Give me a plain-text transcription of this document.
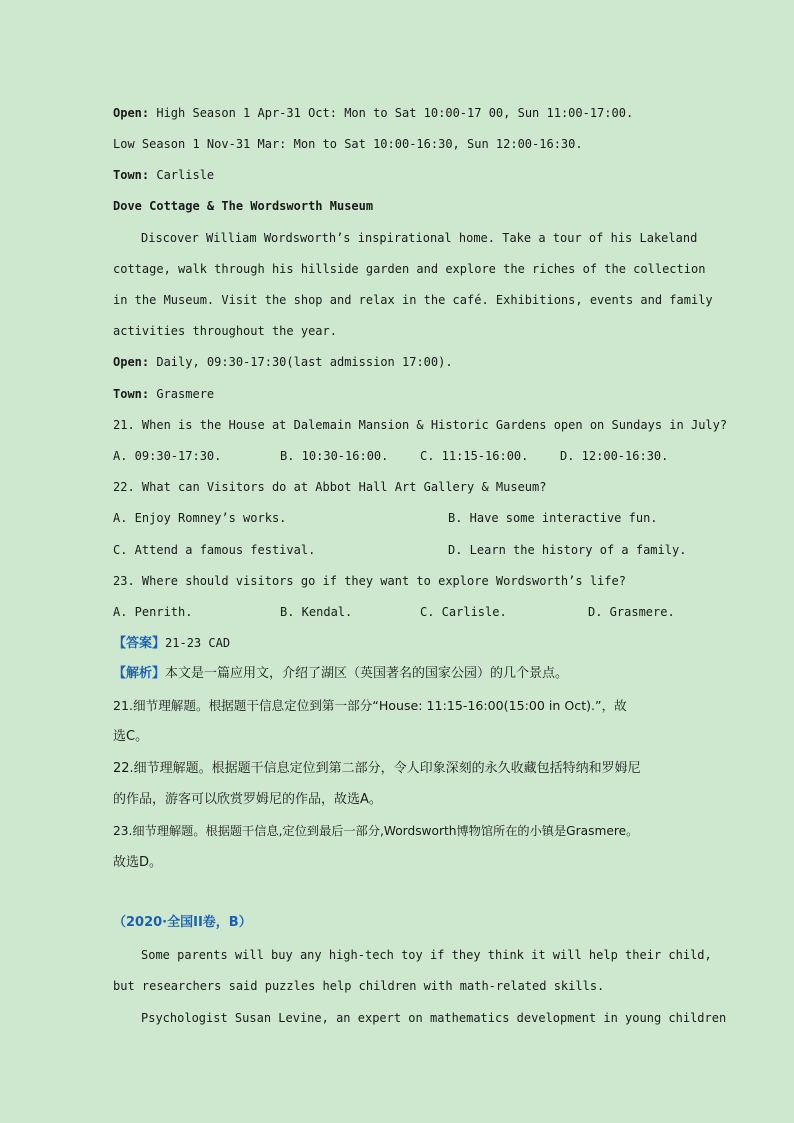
Open: High Season 1 Apr-31 Oct: Mon to Sat 10:00-17 00, Sun 11:00-17:00.
Low Season 1 Nov-31 Mar: Mon to Sat 10:00-16:30, Sun 12:00-16:30.
Town: Carlisle
Dove Cottage & The Wordsworth Museum
Discover William Wordsworth’s inspirational home. Take a tour of his Lakeland
cottage, walk through his hillside garden and explore the riches of the collection
in the Museum. Visit the shop and relax in the café. Exhibitions, events and family
activities throughout the year.
Open: Daily, 09:30-17:30(last admission 17:00).
Town: Grasmere
21. When is the House at Dalemain Mansion & Historic Gardens open on Sundays in July?
A. 09:30-17:30.	B. 10:30-16:00.	C. 11:15-16:00.	D. 12:00-16:30.
22. What can Visitors do at Abbot Hall Art Gallery & Museum?
A. Enjoy Romney’s works.	B. Have some interactive fun.
C. Attend a famous festival.	D. Learn the history of a family.
23. Where should visitors go if they want to explore Wordsworth’s life?
A. Penrith.	B. Kendal.	C. Carlisle.	D. Grasmere.
【答案】21-23 CAD
【解析】本文是一篇应用文，介绍了湖区（英国著名的国家公园）的几个景点。
21.细节理解题。根据题干信息定位到第一部分“House: 11:15-16:00(15:00 in Oct).”，故
选C。
22.细节理解题。根据题干信息定位到第二部分，令人印象深刻的永久收藏包括特纳和罗姆尼
的作品，游客可以欣赏罗姆尼的作品，故选A。
23.细节理解题。根据题干信息,定位到最后一部分,Wordsworth博物馆所在的小镇是Grasmere。
故选D。
（2020·全国II卷，B）
Some parents will buy any high-tech toy if they think it will help their child,
but researchers said puzzles help children with math-related skills.
Psychologist Susan Levine, an expert on mathematics development in young children
